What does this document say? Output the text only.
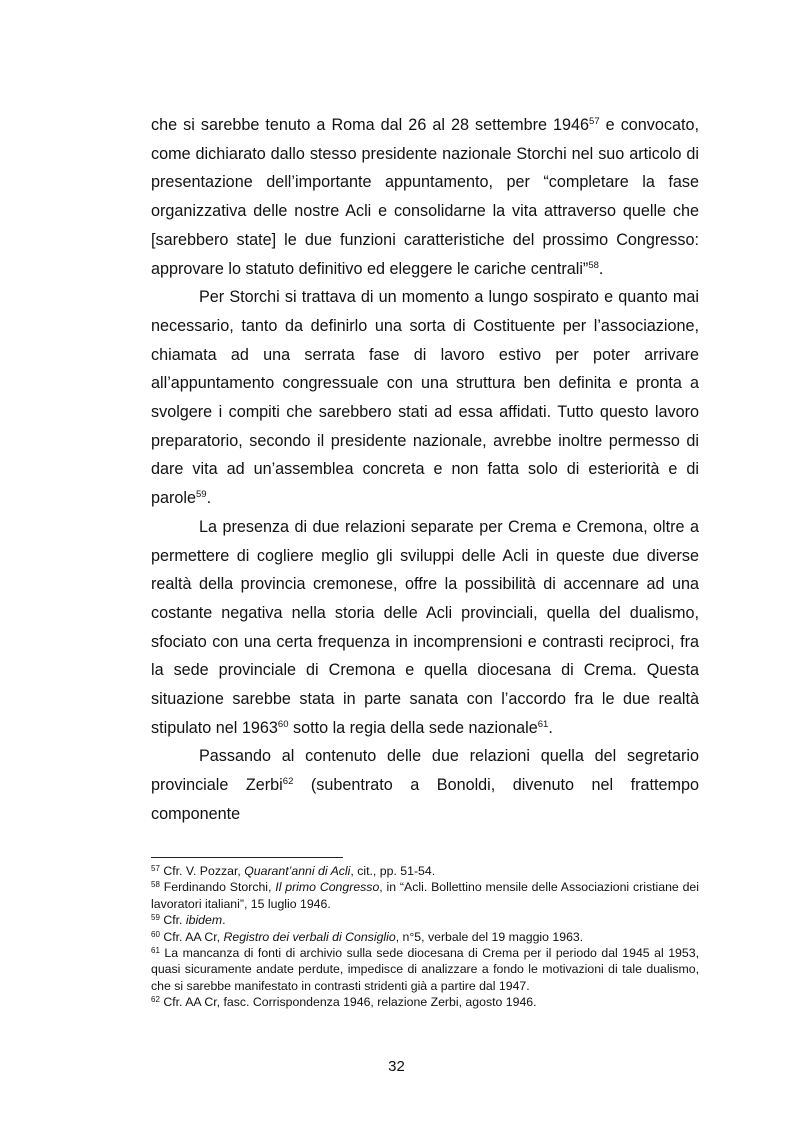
che si sarebbe tenuto a Roma dal 26 al 28 settembre 1946$^{57}$ e convocato, come dichiarato dallo stesso presidente nazionale Storchi nel suo articolo di presentazione dell’importante appuntamento, per “completare la fase organizzativa delle nostre Acli e consolidarne la vita attraverso quelle che [sarebbero state] le due funzioni caratteristiche del prossimo Congresso: approvare lo statuto definitivo ed eleggere le cariche centrali”$^{58}$.

Per Storchi si trattava di un momento a lungo sospirato e quanto mai necessario, tanto da definirlo una sorta di Costituente per l’associazione, chiamata ad una serrata fase di lavoro estivo per poter arrivare all’appuntamento congressuale con una struttura ben definita e pronta a svolgere i compiti che sarebbero stati ad essa affidati. Tutto questo lavoro preparatorio, secondo il presidente nazionale, avrebbe inoltre permesso di dare vita ad un’assemblea concreta e non fatta solo di esteriorità e di parole$^{59}$.

La presenza di due relazioni separate per Crema e Cremona, oltre a permettere di cogliere meglio gli sviluppi delle Acli in queste due diverse realtà della provincia cremonese, offre la possibilità di accennare ad una costante negativa nella storia delle Acli provinciali, quella del dualismo, sfociato con una certa frequenza in incomprensioni e contrasti reciproci, fra la sede provinciale di Cremona e quella diocesana di Crema. Questa situazione sarebbe stata in parte sanata con l’accordo fra le due realtà stipulato nel 1963$^{60}$ sotto la regia della sede nazionale$^{61}$.

Passando al contenuto delle due relazioni quella del segretario provinciale Zerbi$^{62}$ (subentrato a Bonoldi, divenuto nel frattempo componente

$^{57}$ Cfr. V. Pozzar, Quarant’anni di Acli, cit., pp. 51-54.

$^{58}$ Ferdinando Storchi, Il primo Congresso, in “Acli. Bollettino mensile delle Associazioni cristiane dei lavoratori italiani”, 15 luglio 1946.

$^{59}$ Cfr. ibidem.

$^{60}$ Cfr. AA Cr, Registro dei verbali di Consiglio, n°5, verbale del 19 maggio 1963.

$^{61}$ La mancanza di fonti di archivio sulla sede diocesana di Crema per il periodo dal 1945 al 1953, quasi sicuramente andate perdute, impedisce di analizzare a fondo le motivazioni di tale dualismo, che si sarebbe manifestato in contrasti stridenti già a partire dal 1947.

$^{62}$ Cfr. AA Cr, fasc. Corrispondenza 1946, relazione Zerbi, agosto 1946.

32
